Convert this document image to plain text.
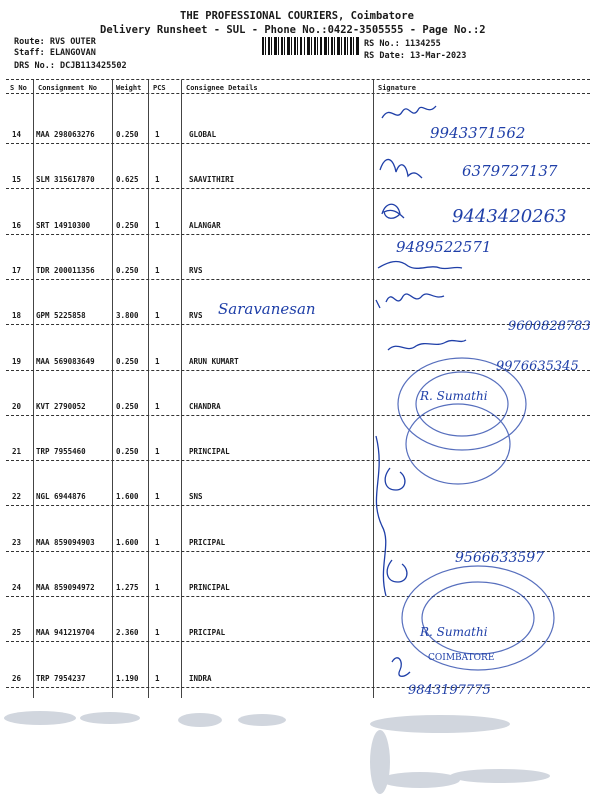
THE PROFESSIONAL COURIERS, Coimbatore
Delivery Runsheet - SUL - Phone No.:0422-3505555 - Page No.:2
Route: RVS OUTER
Staff: ELANGOVAN
DRS No.: DCJB113425502
RS No.: 1134255
RS Date: 13-Mar-2023
S No Consignment No	Weight PCS	Consignee Details	Signature
14 MAA 298063276	0.250 1	GLOBAL
15 SLM 315617870	0.625 1	SAAVITHIRI
16 SRT 14910300	0.250 1	ALANGAR
17 TDR 200011356	0.250 1	RVS
18 GPM 5225858	3.800 1	RVS
19 MAA 569083649	0.250 1	ARUN KUMART
20 KVT 2790052	0.250 1	CHANDRA
21 TRP 7955460	0.250 1	PRINCIPAL
22 NGL 6944876	1.600 1	SNS
23 MAA 859094903	1.600 1	PRICIPAL
24 MAA 859094972	1.275 1	PRINCIPAL
25 MAA 941219704	2.360 1	PRICIPAL
26 TRP 7954237	1.190 1	INDRA
9943371562
6379727137
9443420263
9489522571
9600828783
9976635345
9566633597
9843197775
Saravanesan
R. Sumathi
R. Sumathi
COIMBATORE
